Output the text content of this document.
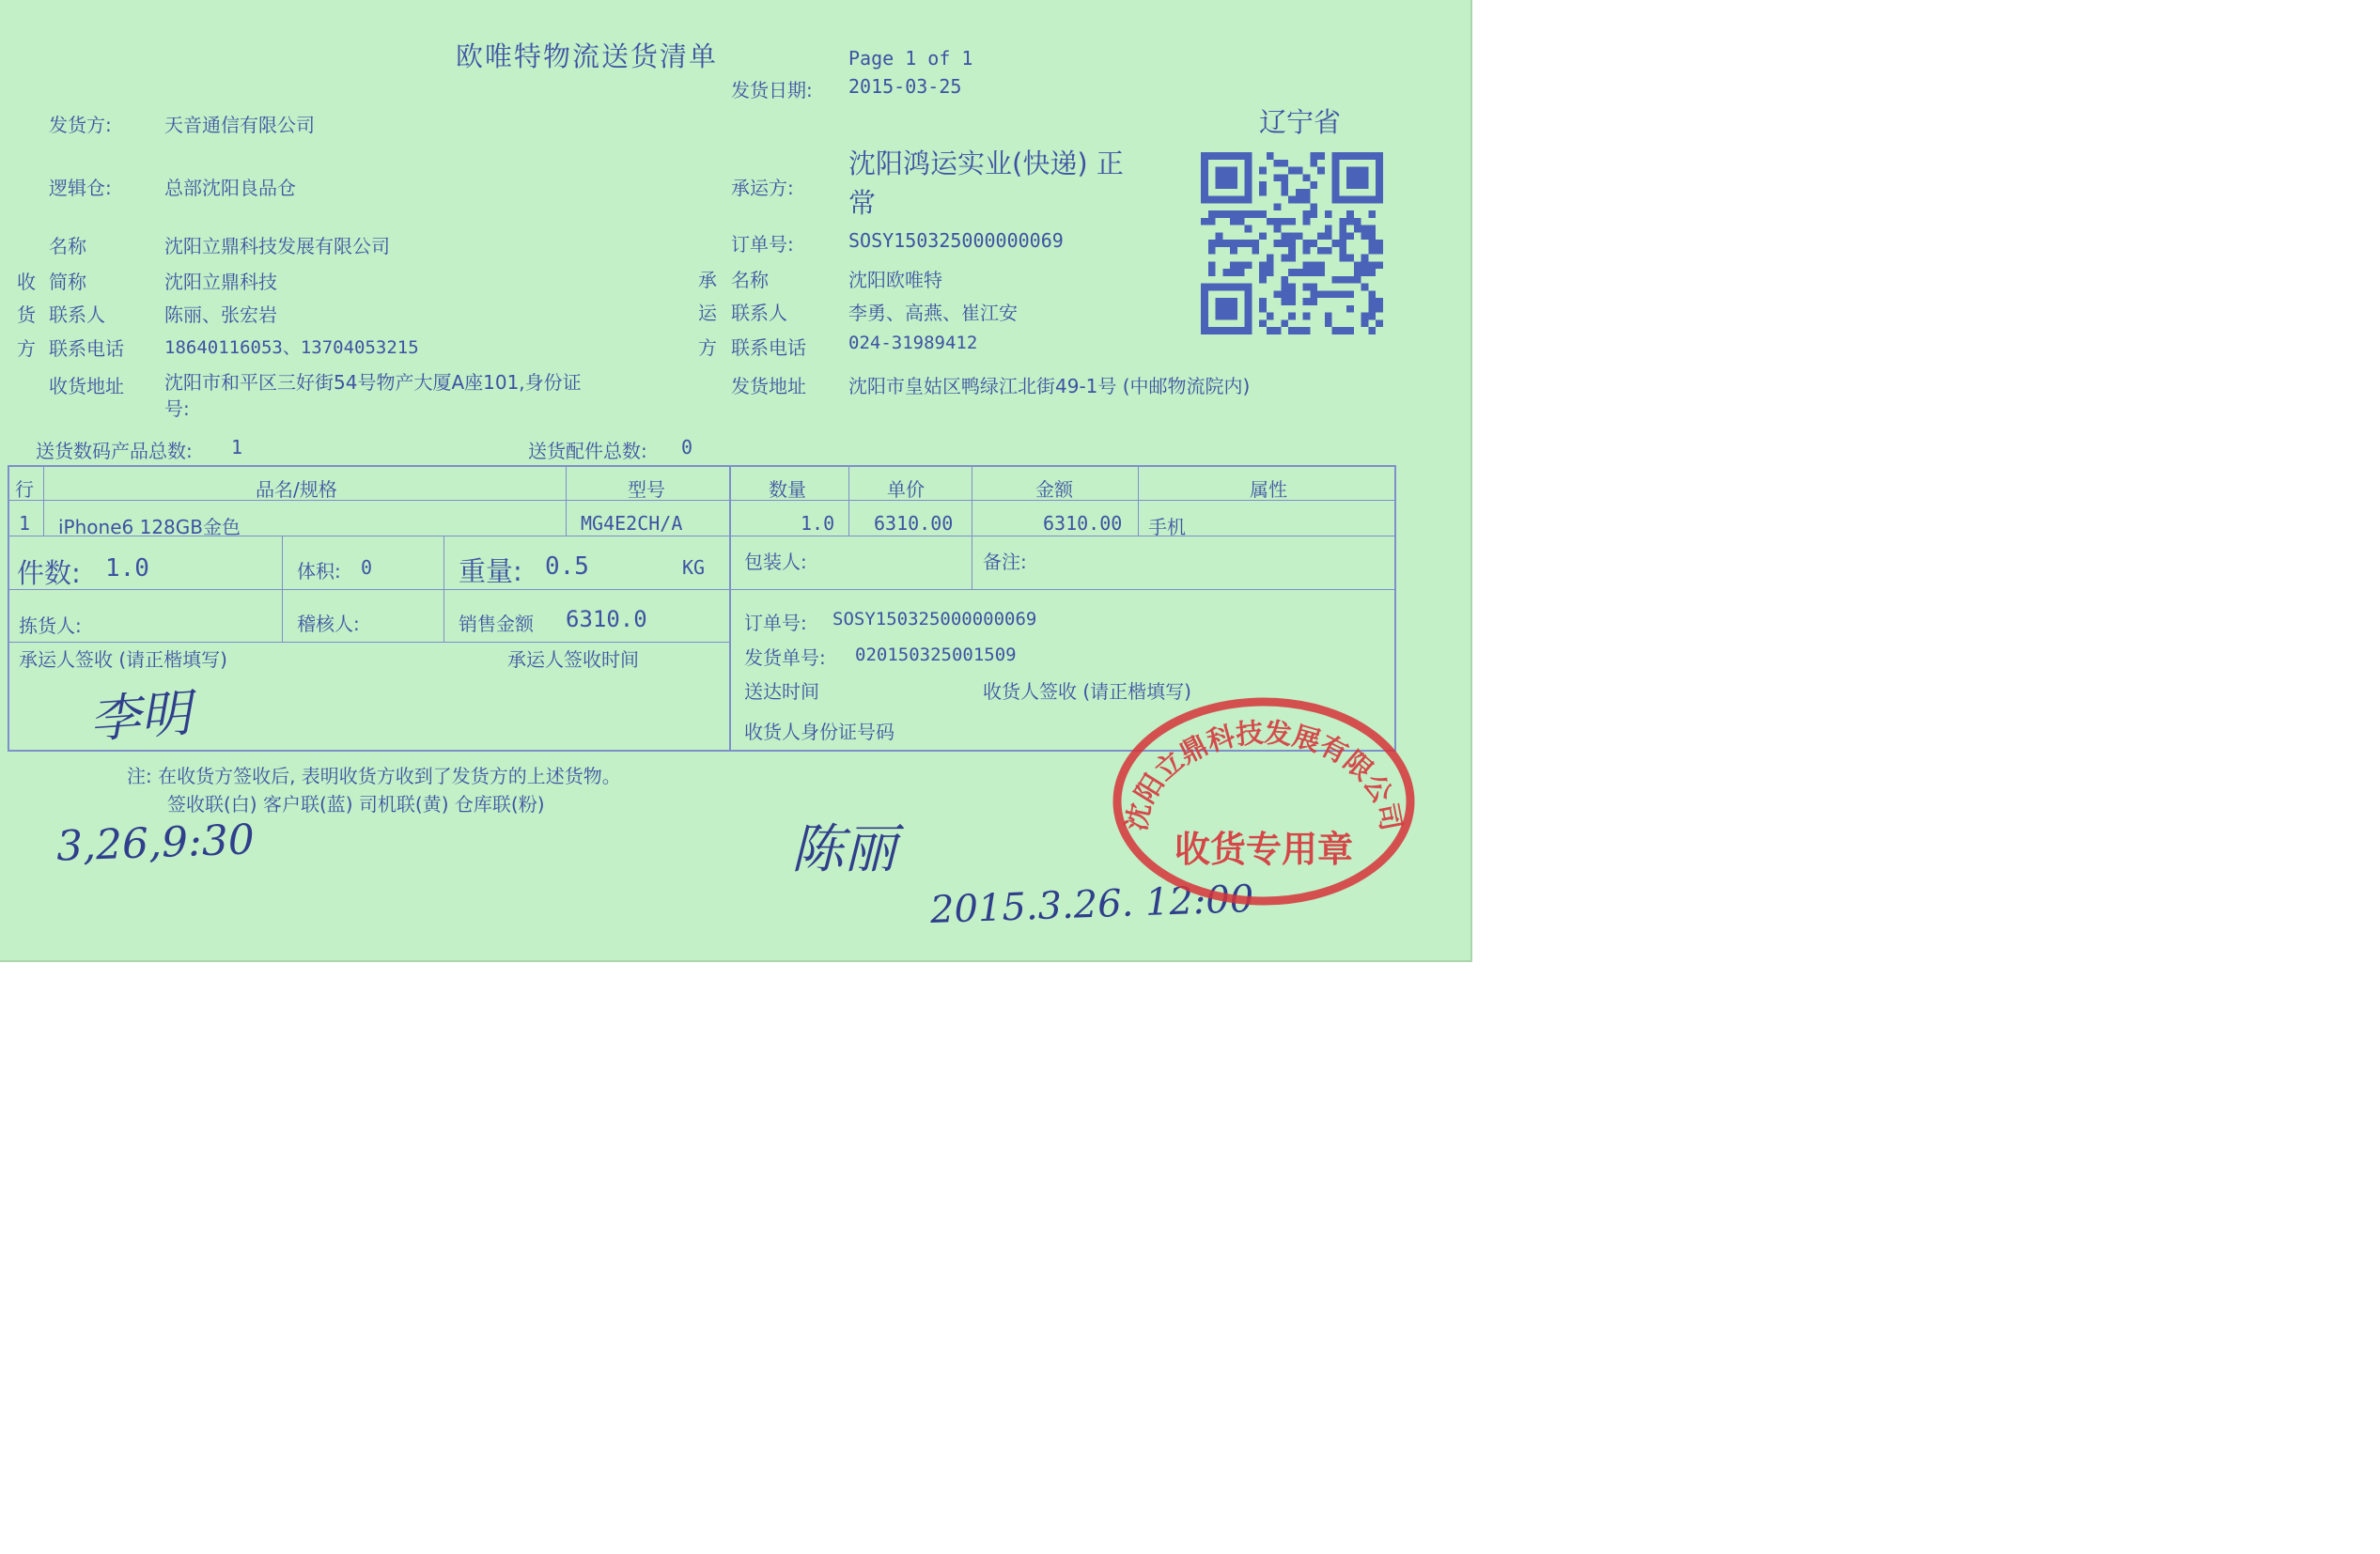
欧唯特物流送货清单	Page 1 of 1
发货日期: 2015-03-25
辽宁省
发货方:	天音通信有限公司
逻辑仓:	总部沈阳良品仓	承运方:
沈阳鸿运实业(快递) 正
常
订单号:	SOSY150325000000069
收
货
方
名称	沈阳立鼎科技发展有限公司
简称	沈阳立鼎科技
联系人	陈丽、张宏岩
联系电话 18640116053、13704053215
收货地址 沈阳市和平区三好街54号物产大厦A座101,身份证
号:
承
运
方
名称	沈阳欧唯特
联系人	李勇、高燕、崔江安
联系电话 024-31989412
发货地址 沈阳市皇姑区鸭绿江北街49-1号 (中邮物流院内)
送货数码产品总数: 1	送货配件总数: 0
行	品名/规格	型号	数量	单价	金额	属性
1 iPhone6 128GB金色	MG4E2CH/A	1.0 6310.00	6310.00 手机
件数: 1.0	体积: 0	重量: 0.5	KG 包装人:	备注:
拣货人:	稽核人:	销售金额 6310.0	订单号: SOSY150325000000069
承运人签收 (请正楷填写)	承运人签收时间	发货单号: 020150325001509
送达时间	收货人签收 (请正楷填写)
收货人身份证号码
注: 在收货方签收后, 表明收货方收到了发货方的上述货物。
签收联(白) 客户联(蓝) 司机联(黄) 仓库联(粉)
李明
3,26,9:30	陈丽
2015.3.26. 12:00
沈阳立鼎科技发展有限公司
收货专用章
